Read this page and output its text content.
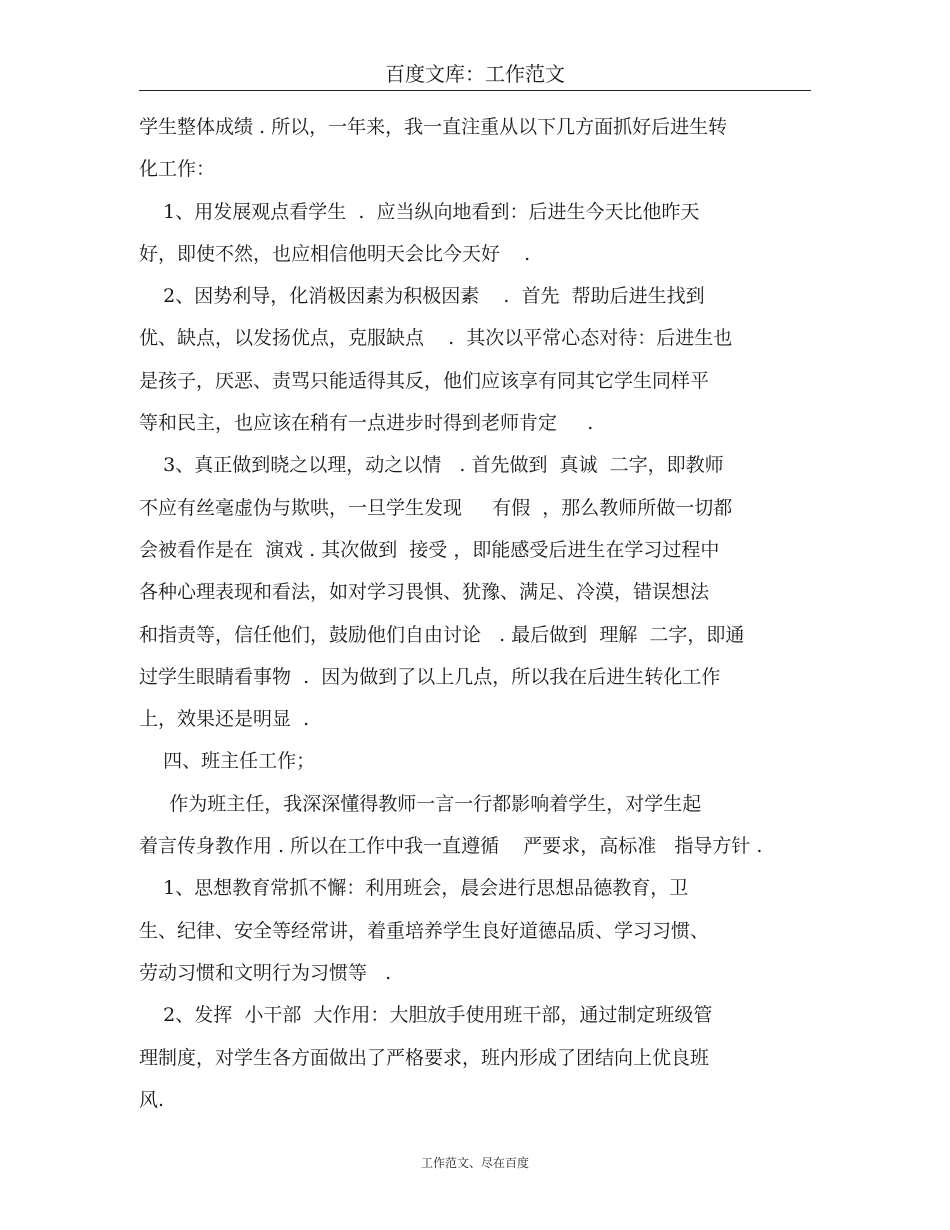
百度文库：工作范文
学生整体成绩 . 所以，一年来，我一直注重从以下几方面抓好后进生转
化工作：
1、用发展观点看学生  .  应当纵向地看到：后进生今天比他昨天
好，即使不然，也应相信他明天会比今天好    .
2、因势利导，化消极因素为积极因素    .  首先  帮助后进生找到
优、缺点，以发扬优点，克服缺点    .  其次以平常心态对待：后进生也
是孩子，厌恶、责骂只能适得其反，他们应该享有同其它学生同样平
等和民主，也应该在稍有一点进步时得到老师肯定     .
3、真正做到晓之以理，动之以情   . 首先做到  真诚  二字，即教师
不应有丝毫虚伪与欺哄，一旦学生发现     有假  ，那么教师所做一切都
会被看作是在  演戏 . 其次做到  接受 ，即能感受后进生在学习过程中
各种心理表现和看法，如对学习畏惧、犹豫、满足、冷漠，错误想法
和指责等，信任他们，鼓励他们自由讨论   . 最后做到  理解  二字，即通
过学生眼睛看事物  .  因为做到了以上几点，所以我在后进生转化工作
上，效果还是明显  .
四、班主任工作；
作为班主任，我深深懂得教师一言一行都影响着学生，对学生起
着言传身教作用 . 所以在工作中我一直遵循    严要求，高标准   指导方针 .
1、思想教育常抓不懈：利用班会，晨会进行思想品德教育，卫
生、纪律、安全等经常讲，着重培养学生良好道德品质、学习习惯、
劳动习惯和文明行为习惯等   .
2、发挥  小干部  大作用：大胆放手使用班干部，通过制定班级管
理制度，对学生各方面做出了严格要求，班内形成了团结向上优良班
风.
工作范文、尽在百度
